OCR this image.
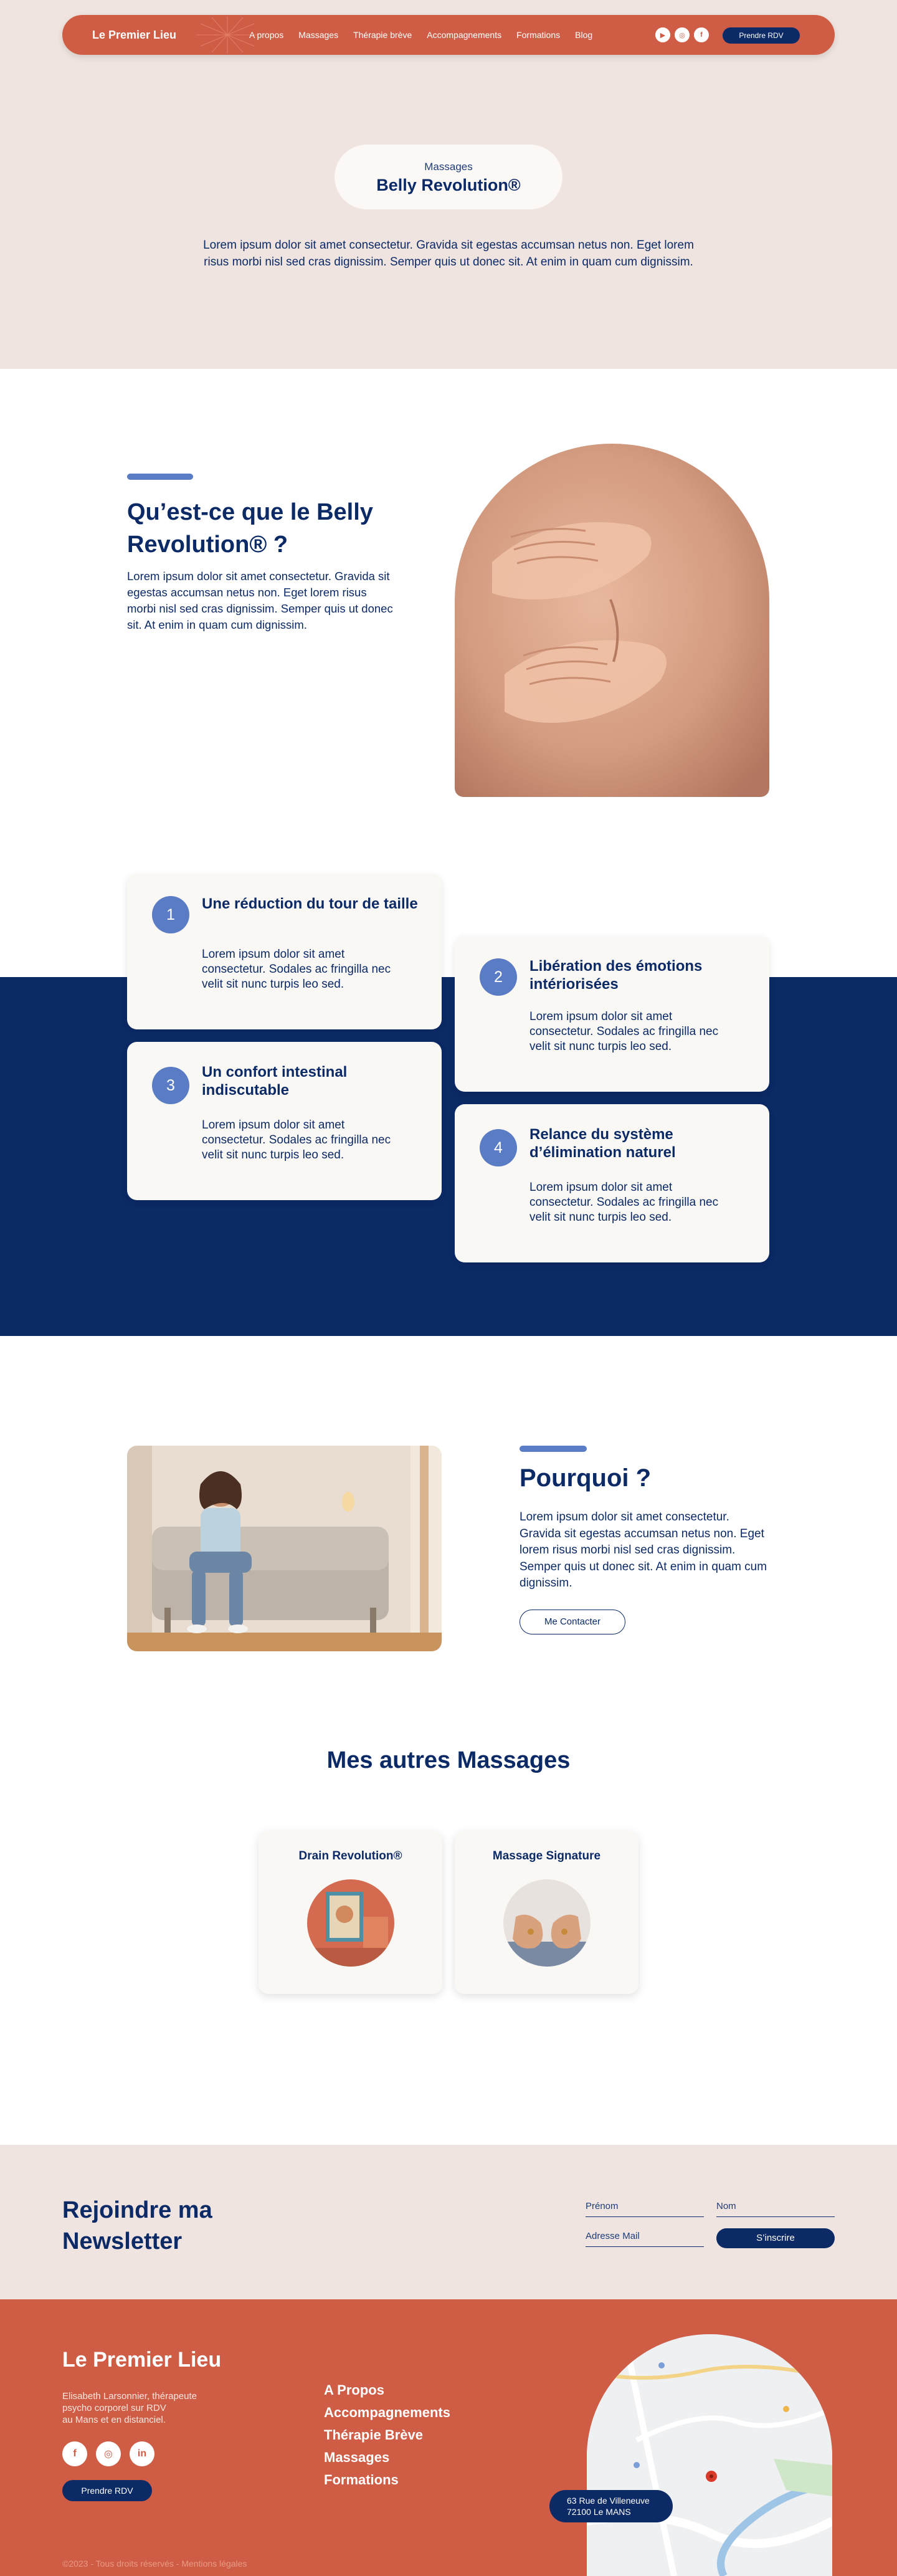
Le Premier Lieu	A propos Massages Thérapie brève Accompagnements Formations Blog	▶	◎	f	Prendre RDV
Massages
Belly Revolution®

Lorem ipsum dolor sit amet consectetur. Gravida sit egestas accumsan netus non. Eget lorem risus morbi nisl sed cras dignissim. Semper quis ut donec sit. At enim in quam cum dignissim.

Qu’est-ce que le Belly Revolution® ?

Lorem ipsum dolor sit amet consectetur. Gravida sit egestas accumsan netus non. Eget lorem risus morbi nisl sed cras dignissim. Semper quis ut donec sit. At enim in quam cum dignissim.

1
Une réduction du tour de taille
Lorem ipsum dolor sit amet consectetur. Sodales ac fringilla nec velit sit nunc turpis leo sed.	2
Libération des émotions intériorisées
Lorem ipsum dolor sit amet consectetur. Sodales ac fringilla nec velit sit nunc turpis leo sed.
3
Un confort intestinal indiscutable
Lorem ipsum dolor sit amet consectetur. Sodales ac fringilla nec velit sit nunc turpis leo sed.	4
Relance du système d’élimination naturel
Lorem ipsum dolor sit amet consectetur. Sodales ac fringilla nec velit sit nunc turpis leo sed.
Pourquoi ?

Lorem ipsum dolor sit amet consectetur. Gravida sit egestas accumsan netus non. Eget lorem risus morbi nisl sed cras dignissim. Semper quis ut donec sit. At enim in quam cum dignissim.

Me Contacter
Mes autres Massages
Drain Revolution®	Massage Signature
Rejoindre ma Newsletter
Prénom	Nom
Adresse Mail	S’inscrire
Le Premier Lieu
Elisabeth Larsonnier, thérapeute
psycho corporel sur RDV
au Mans et en distanciel.
f	◎	in
Prendre RDV
A Propos
Accompagnements
Thérapie Brève
Massages
Formations
63 Rue de Villeneuve
72100 Le MANS
©2023 - Tous droits réservés - Mentions légales
